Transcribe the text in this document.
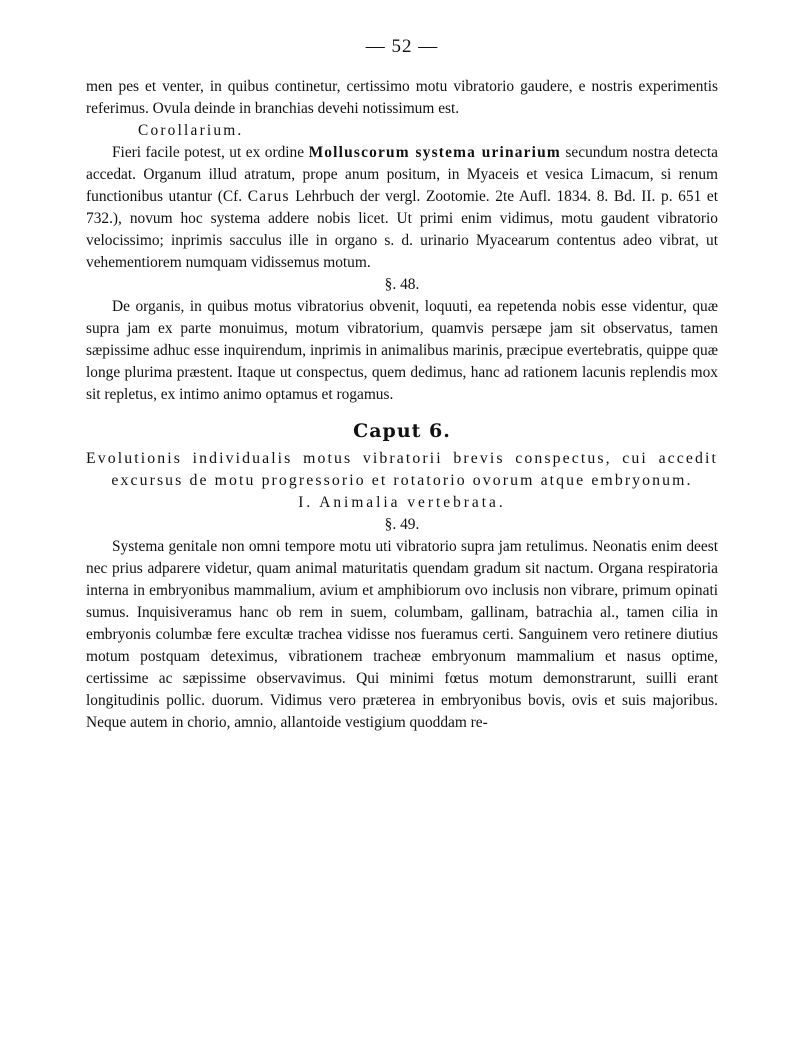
— 52 —

men pes et venter, in quibus continetur, certissimo motu vibratorio gaudere, e nostris experimentis referimus. Ovula deinde in branchias devehi notissimum est.

Corollarium.

Fieri facile potest, ut ex ordine Molluscorum systema urinarium secundum nostra detecta accedat. Organum illud atratum, prope anum positum, in Myaceis et vesica Limacum, si renum functionibus utantur (Cf. Carus Lehrbuch der vergl. Zootomie. 2te Aufl. 1834. 8. Bd. II. p. 651 et 732.), novum hoc systema addere nobis licet. Ut primi enim vidimus, motu gaudent vibratorio velocissimo; inprimis sacculus ille in organo s. d. urinario Myacearum contentus adeo vibrat, ut vehementiorem numquam vidissemus motum.

§. 48.

De organis, in quibus motus vibratorius obvenit, loquuti, ea repetenda nobis esse videntur, quæ supra jam ex parte monuimus, motum vibratorium, quamvis persæpe jam sit observatus, tamen sæpissime adhuc esse inquirendum, inprimis in animalibus marinis, præcipue evertebratis, quippe quæ longe plurima præstent. Itaque ut conspectus, quem dedimus, hanc ad rationem lacunis replendis mox sit repletus, ex intimo animo optamus et rogamus.

Caput 6.

Evolutionis individualis motus vibratorii brevis conspectus, cui accedit excursus de motu progressorio et rotatorio ovorum atque embryonum.

I. Animalia vertebrata.
§. 49.

Systema genitale non omni tempore motu uti vibratorio supra jam retulimus. Neonatis enim deest nec prius adparere videtur, quam animal maturitatis quendam gradum sit nactum. Organa respiratoria interna in embryonibus mammalium, avium et amphibiorum ovo inclusis non vibrare, primum opinati sumus. Inquisiveramus hanc ob rem in suem, columbam, gallinam, batrachia al., tamen cilia in embryonis columbæ fere excultæ trachea vidisse nos fueramus certi. Sanguinem vero retinere diutius motum postquam deteximus, vibrationem tracheæ embryonum mammalium et nasus optime, certissime ac sæpissime observavimus. Qui minimi fœtus motum demonstrarunt, suilli erant longitudinis pollic. duorum. Vidimus vero præterea in embryonibus bovis, ovis et suis majoribus. Neque autem in chorio, amnio, allantoide vestigium quoddam re-
